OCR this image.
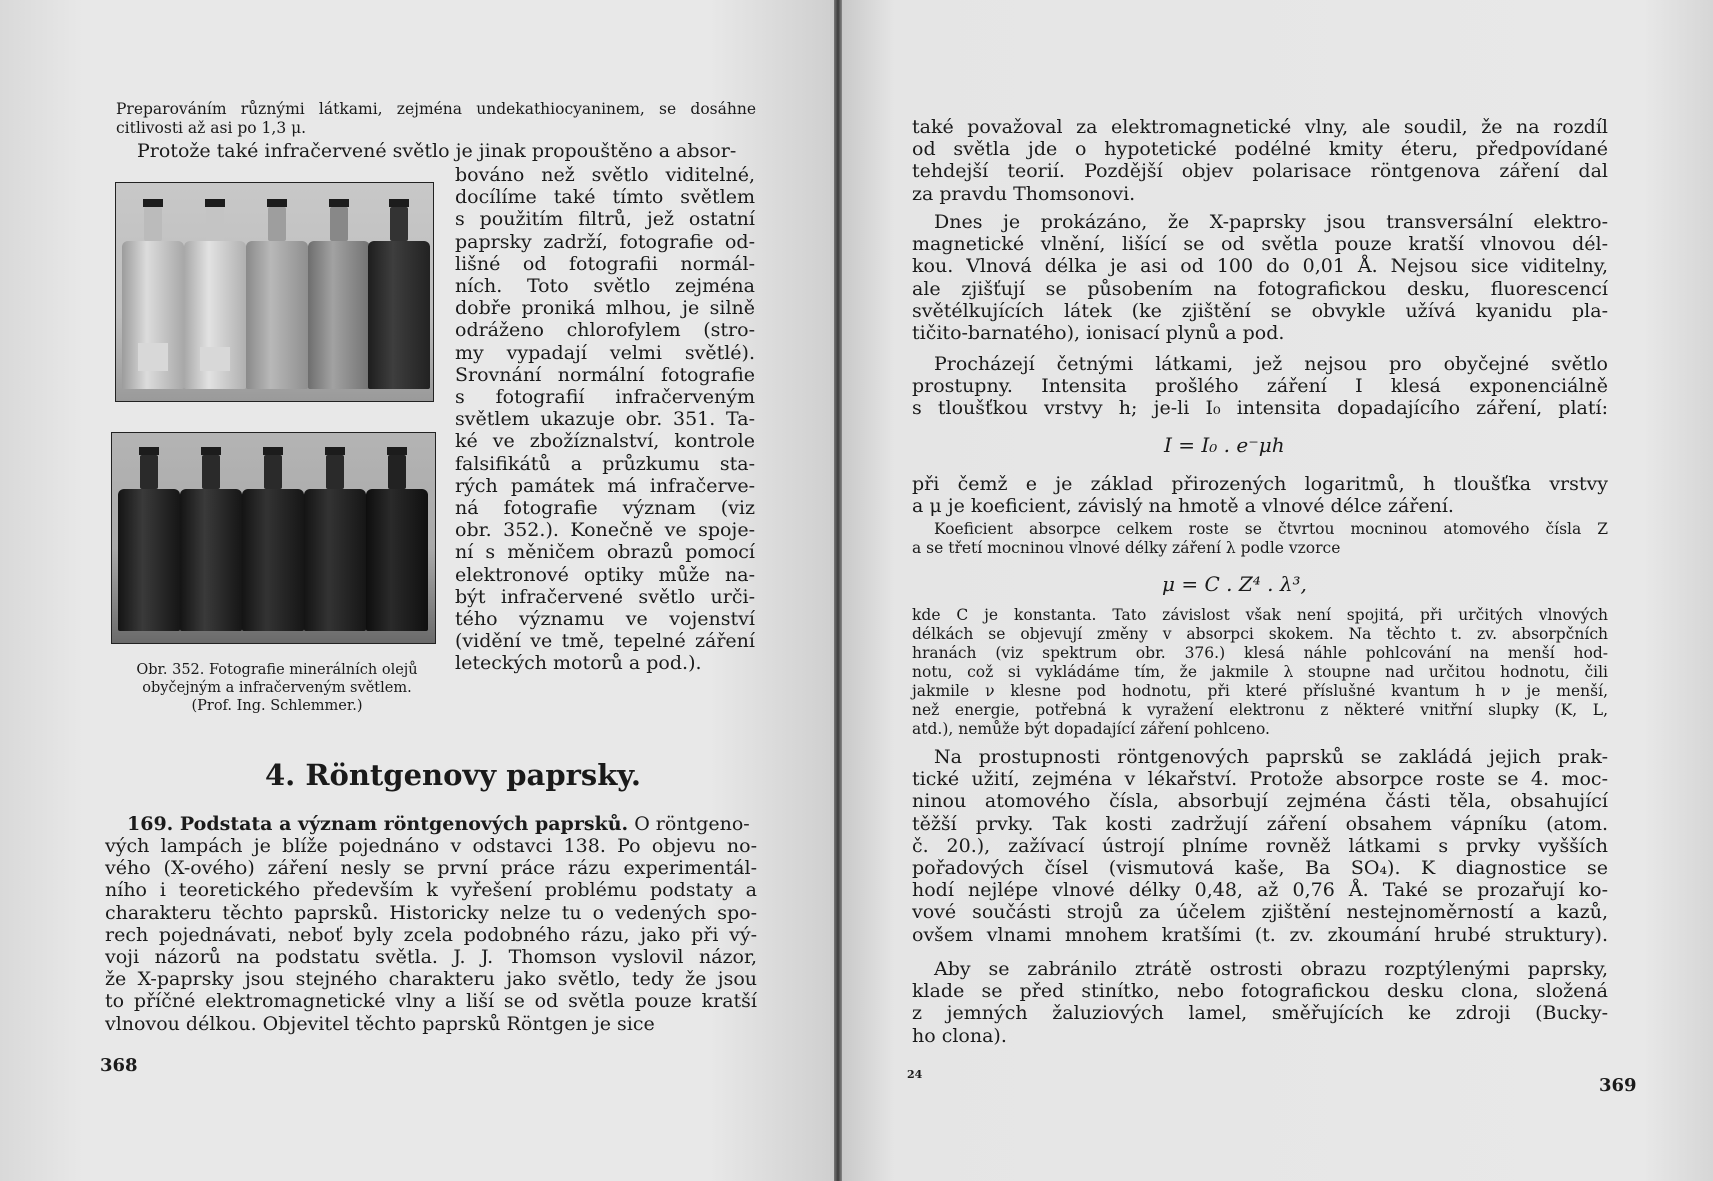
Preparováním různými látkami, zejména undekathiocyaninem, se dosáhne
citlivosti až asi po 1,3 μ.
Protože také infračervené světlo je jinak propouštěno a absor-
Obr. 352. Fotografie minerálních olejů
obyčejným a infračerveným světlem.
(Prof. Ing. Schlemmer.)
bováno než světlo viditelné,
docílíme také tímto světlem
s použitím filtrů, jež ostatní
paprsky zadrží, fotografie od-
lišné od fotografii normál-
ních. Toto světlo zejména
dobře proniká mlhou, je silně
odráženo chlorofylem (stro-
my vypadají velmi světlé).
Srovnání normální fotografie
s fotografií infračerveným
světlem ukazuje obr. 351. Ta-
ké ve zbožíznalství, kontrole
falsifikátů a průzkumu sta-
rých památek má infračerve-
ná fotografie význam (viz
obr. 352.). Konečně ve spoje-
ní s měničem obrazů pomocí
elektronové optiky může na-
být infračervené světlo urči-
tého významu ve vojenství
(vidění ve tmě, tepelné záření
leteckých motorů a pod.).
4. Röntgenovy paprsky.
169. Podstata a význam röntgenových paprsků. O röntgeno-
vých lampách je blíže pojednáno v odstavci 138. Po objevu no-
vého (X-ového) záření nesly se první práce rázu experimentál-
ního i teoretického především k vyřešení problému podstaty a
charakteru těchto paprsků. Historicky nelze tu o vedených spo-
rech pojednávati, neboť byly zcela podobného rázu, jako při vý-
voji názorů na podstatu světla. J. J. Thomson vyslovil názor,
že X-paprsky jsou stejného charakteru jako světlo, tedy že jsou
to příčné elektromagnetické vlny a liší se od světla pouze kratší
vlnovou délkou. Objevitel těchto paprsků Röntgen je sice
368
také považoval za elektromagnetické vlny, ale soudil, že na rozdíl
od světla jde o hypotetické podélné kmity éteru, předpovídané
tehdejší teorií. Pozdější objev polarisace röntgenova záření dal
za pravdu Thomsonovi.
Dnes je prokázáno, že X-paprsky jsou transversální elektro-
magnetické vlnění, lišící se od světla pouze kratší vlnovou dél-
kou. Vlnová délka je asi od 100 do 0,01 Å. Nejsou sice viditelny,
ale zjišťují se působením na fotografickou desku, fluorescencí
světélkujících látek (ke zjištění se obvykle užívá kyanidu pla-
tičito-barnatého), ionisací plynů a pod.
Procházejí četnými látkami, jež nejsou pro obyčejné světlo
prostupny. Intensita prošlého záření I klesá exponenciálně
s tloušťkou vrstvy h; je-li I₀ intensita dopadajícího záření, platí:
I = I₀ . e⁻μh
při čemž e je základ přirozených logaritmů, h tloušťka vrstvy
a μ je koeficient, závislý na hmotě a vlnové délce záření.
Koeficient absorpce celkem roste se čtvrtou mocninou atomového čísla Z
a se třetí mocninou vlnové délky záření λ podle vzorce
μ = C . Z⁴ . λ³,
kde C je konstanta. Tato závislost však není spojitá, při určitých vlnových
délkách se objevují změny v absorpci skokem. Na těchto t. zv. absorpčních
hranách (viz spektrum obr. 376.) klesá náhle pohlcování na menší hod-
notu, což si vykládáme tím, že jakmile λ stoupne nad určitou hodnotu, čili
jakmile ν klesne pod hodnotu, při které příslušné kvantum h ν je menší,
než energie, potřebná k vyražení elektronu z některé vnitřní slupky (K, L,
atd.), nemůže být dopadající záření pohlceno.
Na prostupnosti röntgenových paprsků se zakládá jejich prak-
tické užití, zejména v lékařství. Protože absorpce roste se 4. moc-
ninou atomového čísla, absorbují zejména části těla, obsahující
těžší prvky. Tak kosti zadržují záření obsahem vápníku (atom.
č. 20.), zažívací ústrojí plníme rovněž látkami s prvky vyšších
pořadových čísel (vismutová kaše, Ba SO₄). K diagnostice se
hodí nejlépe vlnové délky 0,48, až 0,76 Å. Také se prozařují ko-
vové součásti strojů za účelem zjištění nestejnoměrností a kazů,
ovšem vlnami mnohem kratšími (t. zv. zkoumání hrubé struktury).
Aby se zabránilo ztrátě ostrosti obrazu rozptýlenými paprsky,
klade se před stinítko, nebo fotografickou desku clona, složená
z jemných žaluziových lamel, směřujících ke zdroji (Bucky-
ho clona).
24
369
